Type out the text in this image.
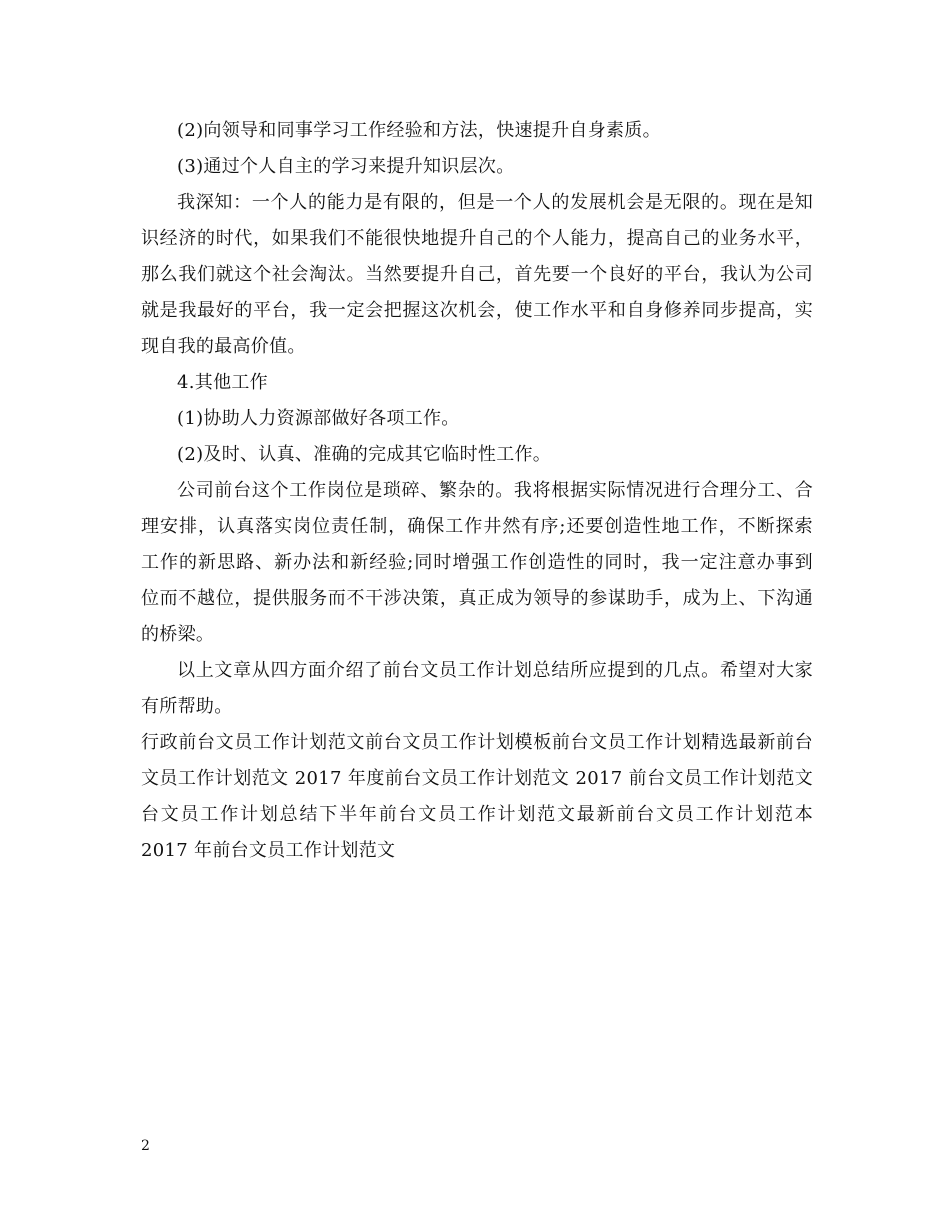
(2)向领导和同事学习工作经验和方法，快速提升自身素质。
(3)通过个人自主的学习来提升知识层次。
我深知：一个人的能力是有限的，但是一个人的发展机会是无限的。现在是知
识经济的时代，如果我们不能很快地提升自己的个人能力，提高自己的业务水平，
那么我们就这个社会淘汰。当然要提升自己，首先要一个良好的平台，我认为公司
就是我最好的平台，我一定会把握这次机会，使工作水平和自身修养同步提高，实
现自我的最高价值。
4.其他工作
(1)协助人力资源部做好各项工作。
(2)及时、认真、准确的完成其它临时性工作。
公司前台这个工作岗位是琐碎、繁杂的。我将根据实际情况进行合理分工、合
理安排，认真落实岗位责任制，确保工作井然有序;还要创造性地工作，不断探索
工作的新思路、新办法和新经验;同时增强工作创造性的同时，我一定注意办事到
位而不越位，提供服务而不干涉决策，真正成为领导的参谋助手，成为上、下沟通
的桥梁。
以上文章从四方面介绍了前台文员工作计划总结所应提到的几点。希望对大家
有所帮助。
行政前台文员工作计划范文前台文员工作计划模板前台文员工作计划精选最新前台
文员工作计划范文 2017 年度前台文员工作计划范文 2017 前台文员工作计划范文
台文员工作计划总结下半年前台文员工作计划范文最新前台文员工作计划范本
2017 年前台文员工作计划范文
2
